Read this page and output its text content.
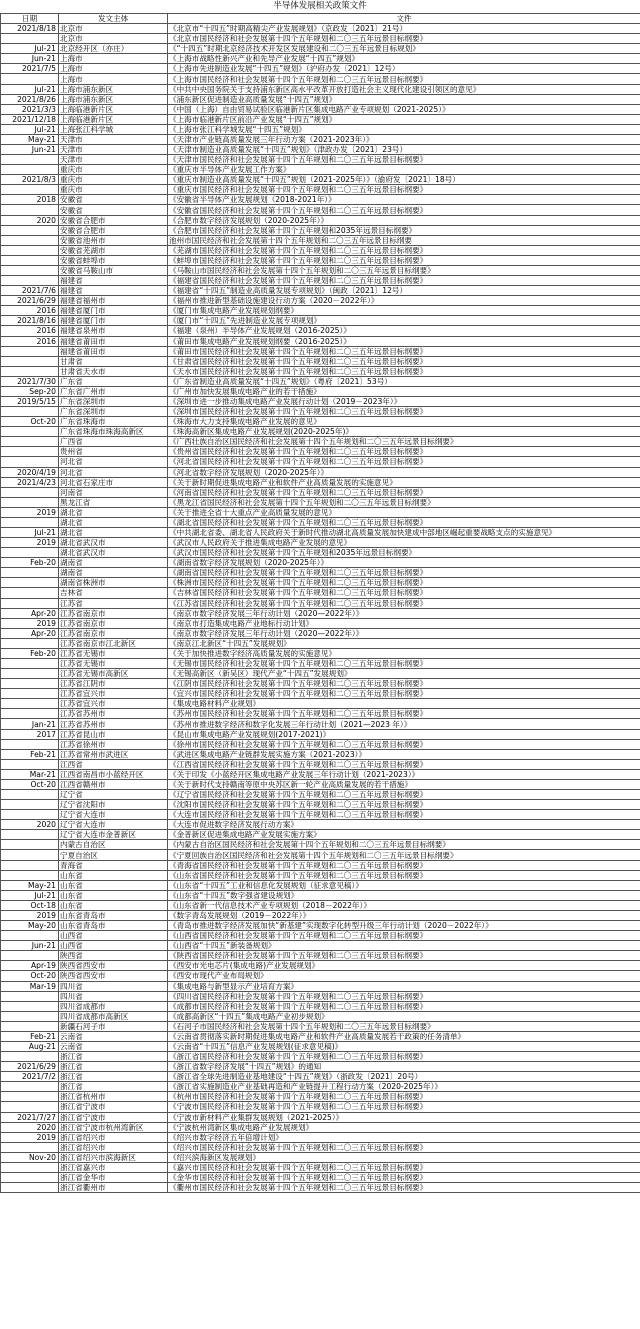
半导体发展相关政策文件
日期	发文主体	文件
2021/8/18	北京市	《北京市“十四五”时期高精尖产业发展规划》（京政发〔2021〕21号）
	北京市	《北京市国民经济和社会发展第十四个五年规划和二〇三五年远景目标纲要》
Jul-21	北京经开区（亦庄）	《“十四五”时期北京经济技术开发区发展建设和二〇三五年远景目标规划》
Jun-21	上海市	《上海市战略性新兴产业和先导产业发展“十四五”规划》
2021/7/5	上海市	《上海市先进制造业发展“十四五”规划》（沪府办发〔2021〕12号）
	上海市	《上海市国民经济和社会发展第十四个五年规划和二〇三五年远景目标纲要》
Jul-21	上海市浦东新区	《中共中央国务院关于支持浦东新区高水平改革开放打造社会主义现代化建设引领区的意见》
2021/8/26	上海市浦东新区	《浦东新区促进制造业高质量发展“十四五”规划》
2021/3/3	上海临港新片区	《中国（上海）自由贸易试验区临港新片区集成电路产业专项规划（2021-2025）》
2021/12/18	上海临港新片区	《上海市临港新片区前沿产业发展“十四五”规划》
Jul-21	上海张江科学城	《上海市张江科学城发展“十四五”规划》
May-21	天津市	《天津市产业链高质量发展三年行动方案（2021-2023年）》
Jun-21	天津市	《天津市制造业高质量发展“十四五”规划》（津政办发〔2021〕23号）
	天津市	《天津市国民经济和社会发展第十四个五年规划和二〇三五年远景目标纲要》
	重庆市	《重庆市半导体产业发展工作方案》
2021/8/3	重庆市	《重庆市制造业高质量发展“十四五”规划（2021-2025年）》（渝府发〔2021〕18号）
	重庆市	《重庆市国民经济和社会发展第十四个五年规划和二〇三五年远景目标纲要》
2018	安徽省	《安徽省半导体产业发展规划（2018-2021年）》
	安徽省	《安徽省国民经济和社会发展第十四个五年规划和二〇三五年远景目标纲要》
2020	安徽省合肥市	《合肥市数字经济发展规划（2020-2025年）》
	安徽省合肥市	《合肥市国民经济和社会发展第十四个五年规划和2035年远景目标纲要》
	安徽省池州市	池州市国民经济和社会发展第十四个五年规划和二〇三五年远景目标纲要
	安徽省芜湖市	《芜湖市国民经济和社会发展第十四个五年规划和二〇三五年远景目标纲要》
	安徽省蚌埠市	《蚌埠市国民经济和社会发展第十四个五年规划和二〇三五年远景目标纲要》
	安徽省马鞍山市	《马鞍山市国民经济和社会发展第十四个五年规划和二〇三五年远景目标纲要》
	福建省	《福建省国民经济和社会发展第十四个五年规划和二〇三五年远景目标纲要》
2021/7/6	福建省	《福建省“十四五”制造业高质量发展专项规划》（闽政〔2021〕12号）
2021/6/29	福建省福州市	《福州市推进新型基础设施建设行动方案（2020－2022年）》
2016	福建省厦门市	《厦门市集成电路产业发展规划纲要》
2021/8/16	福建省厦门市	《厦门市“十四五”先进制造业发展专项规划》
2016	福建省泉州市	《福建（泉州）半导体产业发展规划（2016-2025）》
2016	福建省莆田市	《莆田市集成电路产业发展规划纲要（2016-2025）》
	福建省莆田市	《莆田市国民经济和社会发展第十四个五年规划和二〇三五年远景目标纲要》
	甘肃省	《甘肃省国民经济和社会发展第十四个五年规划和二〇三五年远景目标纲要》
	甘肃省天水市	《天水市国民经济和社会发展第十四个五年规划和二〇三五年远景目标纲要》
2021/7/30	广东省	《广东省制造业高质量发展“十四五”规划》（粤府〔2021〕53号）
Sep-20	广东省广州市	《广州市加快发展集成电路产业的若干措施》
2019/5/15	广东省深圳市	《深圳市进一步推动集成电路产业发展行动计划（2019－2023年）》
	广东省深圳市	《深圳市国民经济和社会发展第十四个五年规划和二〇三五年远景目标纲要》
Oct-20	广东省珠海市	《珠海市大力支持集成电路产业发展的意见》
	广东省珠海市珠海高新区	《珠海高新区集成电路产业发展规划(2020-2025年)》
	广西省	《广西壮族自治区国民经济和社会发展第十四个五年规划和二〇三五年远景目标纲要》
	贵州省	《贵州省国民经济和社会发展第十四个五年规划和二〇三五年远景目标纲要》
	河北省	《河北省国民经济和社会发展第十四个五年规划和二〇三五年远景目标纲要》
2020/4/19	河北省	《河北省数字经济发展规划（2020-2025年）》
2021/4/23	河北省石家庄市	《关于新时期促进集成电路产业和软件产业高质量发展的实施意见》
	河南省	《河南省国民经济和社会发展第十四个五年规划和二〇三五年远景目标纲要》
	黑龙江省	《黑龙江省国民经济和社会发展第十四个五年规划和二〇三五年远景目标纲要》
2019	湖北省	《关于推进全省十大重点产业高质量发展的意见》
	湖北省	《湖北省国民经济和社会发展第十四个五年规划和二〇三五年远景目标纲要》
Jul-21	湖北省	《中共湖北省委、湖北省人民政府关于新时代推动湖北高质量发展加快建成中部地区崛起重要战略支点的实施意见》
2019	湖北省武汉市	《武汉市人民政府关于推进集成电路产业发展的意见》
	湖北省武汉市	《武汉市国民经济和社会发展第十四个五年规划和2035年远景目标纲要》
Feb-20	湖南省	《湖南省数字经济发展规划（2020-2025年）》
	湖南省	《湖南省国民经济和社会发展第十四个五年规划和二〇三五年远景目标纲要》
	湖南省株洲市	《株洲市国民经济和社会发展第十四个五年规划和二〇三五年远景目标纲要》
	吉林省	《吉林省国民经济和社会发展第十四个五年规划和二〇三五年远景目标纲要》
	江苏省	《江苏省国民经济和社会发展第十四个五年规划和二〇三五年远景目标纲要》
Apr-20	江苏省南京市	《南京市数字经济发展三年行动计划（2020—2022年）》
2019	江苏省南京市	《南京市打造集成电路产业地标行动计划》
Apr-20	江苏省南京市	《南京市数字经济发展三年行动计划（2020—2022年）》
	江苏省南京市江北新区	《南京江北新区“十四五”发展规划》
Feb-20	江苏省无锡市	《关于加快推进数字经济高质量发展的实施意见》
	江苏省无锡市	《无锡市国民经济和社会发展第十四个五年规划和二〇三五年远景目标纲要》
	江苏省无锡市高新区	《无锡高新区（新吴区）现代产业“十四五”发展规划》
	江苏省江阴市	《江阴市国民经济和社会发展第十四个五年规划和二〇三五年远景目标纲要》
	江苏省宜兴市	《宜兴市国民经济和社会发展第十四个五年规划和二〇三五年远景目标纲要》
	江苏省宜兴市	《集成电路材料产业规划》
	江苏省苏州市	《苏州市国民经济和社会发展第十四个五年规划和二〇三五年远景目标纲要》
Jan-21	江苏省苏州市	《苏州市推进数字经济和数字化发展三年行动计划（2021—2023 年）》
2017	江苏省昆山市	《昆山市集成电路产业发展规划(2017-2021)》
	江苏省徐州市	《徐州市国民经济和社会发展第十四个五年规划和二〇三五年远景目标纲要》
Feb-21	江苏省常州市武进区	《武进区集成电路产业链群发展实施方案（2021-2023）》
	江西省	《江西省国民经济和社会发展第十四个五年规划和二〇三五年远景目标纲要》
Mar-21	江西省南昌市小蓝经开区	《关于印发《小蓝经开区集成电路产业发展三年行动计划（2021-2023）》
Oct-20	江西省赣州市	《关于新时代支持赣南等原中央苏区新一轮产业高质量发展的若干措施》
	辽宁省	《辽宁省国民经济和社会发展第十四个五年规划和二〇三五年远景目标纲要》
	辽宁省沈阳市	《沈阳市国民经济和社会发展第十四个五年规划和二〇三五年远景目标纲要》
	辽宁省大连市	《大连市国民经济和社会发展第十四个五年规划和二〇三五年远景目标纲要》
2020	辽宁省大连市	《大连市促进数字经济发展行动方案》
	辽宁省大连市金普新区	《金普新区促进集成电路产业发展实施方案》
	内蒙古自治区	《内蒙古自治区国民经济和社会发展第十四个五年规划和二〇三五年远景目标纲要》
	宁夏自治区	《宁夏回族自治区国民经济和社会发展第十四个五年规划和二〇三五年远景目标纲要》
	青海省	《青海省国民经济和社会发展第十四个五年规划和二〇三五年远景目标纲要》
	山东省	《山东省国民经济和社会发展第十四个五年规划和二〇三五年远景目标纲要》
May-21	山东省	《山东省“十四五”工业和信息化发展规划（征求意见稿）》
Jul-21	山东省	《山东省“十四五”数字强省建设规划》
Oct-18	山东省	《山东省新一代信息技术产业专项规划（2018－2022年）》
2019	山东省青岛市	《数字青岛发展规划（2019－2022年）》
May-20	山东省青岛市	《青岛市推进数字经济发展加快“新基建”实现数字化转型升级三年行动计划（2020－2022年）》
	山西省	《山西省国民经济和社会发展第十四个五年规划和二〇三五年远景目标纲要》
Jun-21	山西省	《山西省“十四五”新装备规划》
	陕西省	《陕西省国民经济和社会发展第十四个五年规划和二〇三五年远景目标纲要》
Apr-19	陕西省西安市	《西安市光电芯片(集成电路)产业发展规划》
Oct-20	陕西省西安市	《西安市现代产业布局规划》
Mar-19	四川省	《集成电路与新型显示产业培育方案》
	四川省	《四川省国民经济和社会发展第十四个五年规划和二〇三五年远景目标纲要》
	四川省成都市	《成都市国民经济和社会发展第十四个五年规划和二〇三五年远景目标纲要》
	四川省成都市高新区	《成都高新区“十四五”集成电路产业初步规划》
	新疆石河子市	《石河子市国民经济和社会发展第十四个五年规划和二〇三五年远景目标纲要》
Feb-21	云南省	《云南省贯彻落实新时期促进集成电路产业和软件产业高质量发展若干政策的任务清单》
Aug-21	云南省	《云南省“十四五”信息产业发展规划(征求意见稿)》
	浙江省	《浙江省国民经济和社会发展第十四个五年规划和二〇三五年远景目标纲要》
2021/6/29	浙江省	《浙江省数字经济发展“十四五”规划》的通知
2021/7/2	浙江省	《浙江省全球先进制造业基地建设“十四五”规划》（浙政发〔2021〕20号）
	浙江省	《浙江省实施制造业产业基础再造和产业链提升工程行动方案（2020-2025年）》
	浙江省杭州市	《杭州市国民经济和社会发展第十四个五年规划和二〇三五年远景目标纲要》
	浙江省宁波市	《宁波市国民经济和社会发展第十四个五年规划和二〇三五年远景目标纲要》
2021/7/27	浙江省宁波市	《宁波市新材料产业集群发展规划（2021-2025）》
2020	浙江省宁波市杭州湾新区	《宁波杭州湾新区集成电路产业发展规划》
2019	浙江省绍兴市	《绍兴市数字经济五年倍增计划》
	浙江省绍兴市	《绍兴市国民经济和社会发展第十四个五年规划和二〇三五年远景目标纲要》
Nov-20	浙江省绍兴市滨海新区	《绍兴滨海新区发展规划》
	浙江省嘉兴市	《嘉兴市国民经济和社会发展第十四个五年规划和二〇三五年远景目标纲要》
	浙江省金华市	《金华市国民经济和社会发展第十四个五年规划和二〇三五年远景目标纲要》
	浙江省衢州市	《衢州市国民经济和社会发展第十四个五年规划和二〇三五年远景目标纲要》
